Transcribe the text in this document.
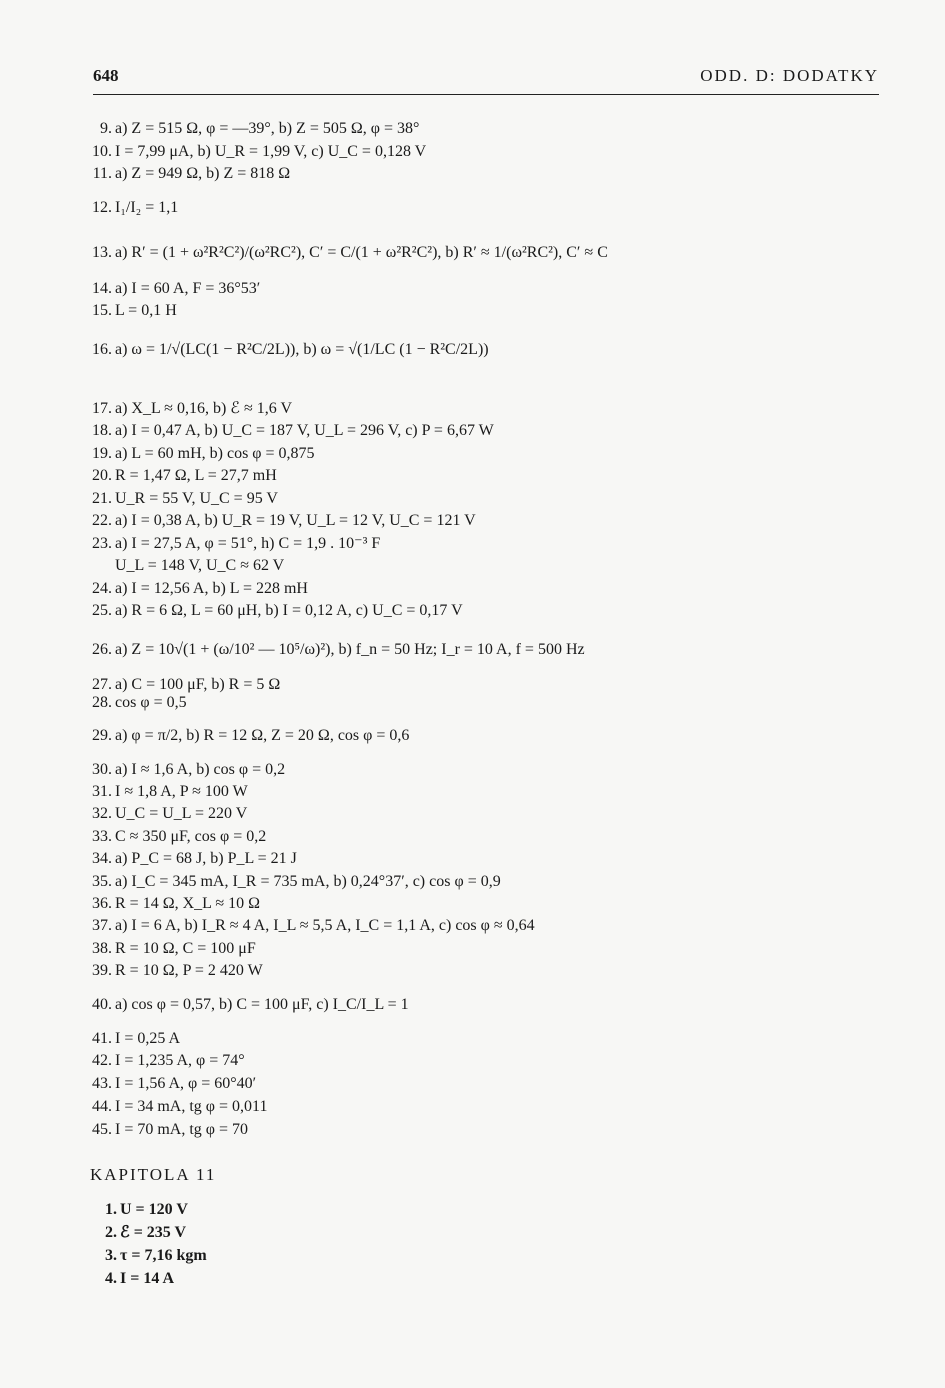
648	ODD. D: DODATKY
9. a) Z = 515 Ω, φ = —39°, b) Z = 505 Ω, φ = 38°
10. I = 7,99 μA, b) U_R = 1,99 V, c) U_C = 0,128 V
11. a) Z = 949 Ω, b) Z = 818 Ω
12. I₁/I₂ = 1,1
13. a) R′ = (1 + ω²R²C²)/(ω²RC²), C′ = C/(1 + ω²R²C²), b) R′ ≈ 1/(ω²RC²), C′ ≈ C
14. a) I = 60 A, F = 36°53′
15. L = 0,1 H
16. a) ω = 1/√(LC(1 − R²C/2L)), b) ω = √(1/LC (1 − R²C/2L))
17. a) X_L ≈ 0,16, b) ℰ ≈ 1,6 V
18. a) I = 0,47 A, b) U_C = 187 V, U_L = 296 V, c) P = 6,67 W
19. a) L = 60 mH, b) cos φ = 0,875
20. R = 1,47 Ω, L = 27,7 mH
21. U_R = 55 V, U_C = 95 V
22. a) I = 0,38 A, b) U_R = 19 V, U_L = 12 V, U_C = 121 V
23. a) I = 27,5 A, φ = 51°, h) C = 1,9 . 10⁻³ F
U_L = 148 V, U_C ≈ 62 V
24. a) I = 12,56 A, b) L = 228 mH
25. a) R = 6 Ω, L = 60 μH, b) I = 0,12 A, c) U_C = 0,17 V
26. a) Z = 10√(1 + (ω/10² — 10⁵/ω)²), b) f_n = 50 Hz; I_r = 10 A, f = 500 Hz
27. a) C = 100 μF, b) R = 5 Ω
28. cos φ = 0,5
29. a) φ = π/2, b) R = 12 Ω, Z = 20 Ω, cos φ = 0,6
30. a) I ≈ 1,6 A, b) cos φ = 0,2
31. I ≈ 1,8 A, P ≈ 100 W
32. U_C = U_L = 220 V
33. C ≈ 350 μF, cos φ = 0,2
34. a) P_C = 68 J, b) P_L = 21 J
35. a) I_C = 345 mA, I_R = 735 mA, b) 0,24°37′, c) cos φ = 0,9
36. R = 14 Ω, X_L ≈ 10 Ω
37. a) I = 6 A, b) I_R ≈ 4 A, I_L ≈ 5,5 A, I_C = 1,1 A, c) cos φ ≈ 0,64
38. R = 10 Ω, C = 100 μF
39. R = 10 Ω, P = 2 420 W
40. a) cos φ = 0,57, b) C = 100 μF, c) I_C/I_L = 1
41. I = 0,25 A
42. I = 1,235 A, φ = 74°
43. I = 1,56 A, φ = 60°40′
44. I = 34 mA, tg φ = 0,011
45. I = 70 mA, tg φ = 70
KAPITOLA 11
1. U = 120 V
2. ℰ = 235 V
3. τ = 7,16 kgm
4. I = 14 A
